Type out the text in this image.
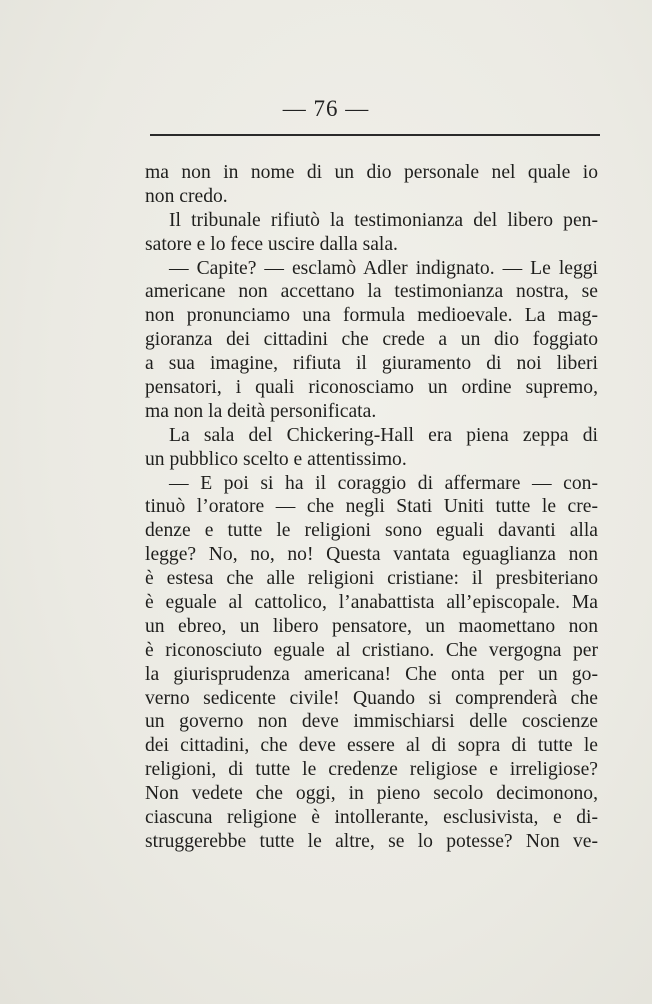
— 76 —
ma non in nome di un dio personale nel quale io
non credo.
Il tribunale rifiutò la testimonianza del libero pen-
satore e lo fece uscire dalla sala.
— Capite? — esclamò Adler indignato. — Le leggi
americane non accettano la testimonianza nostra, se
non pronunciamo una formula medioevale. La mag-
gioranza dei cittadini che crede a un dio foggiato
a sua imagine, rifiuta il giuramento di noi liberi
pensatori, i quali riconosciamo un ordine supremo,
ma non la deità personificata.
La sala del Chickering-Hall era piena zeppa di
un pubblico scelto e attentissimo.
— E poi si ha il coraggio di affermare — con-
tinuò l’oratore — che negli Stati Uniti tutte le cre-
denze e tutte le religioni sono eguali davanti alla
legge? No, no, no! Questa vantata eguaglianza non
è estesa che alle religioni cristiane: il presbiteriano
è eguale al cattolico, l’anabattista all’episcopale. Ma
un ebreo, un libero pensatore, un maomettano non
è riconosciuto eguale al cristiano. Che vergogna per
la giurisprudenza americana! Che onta per un go-
verno sedicente civile! Quando si comprenderà che
un governo non deve immischiarsi delle coscienze
dei cittadini, che deve essere al di sopra di tutte le
religioni, di tutte le credenze religiose e irreligiose?
Non vedete che oggi, in pieno secolo decimonono,
ciascuna religione è intollerante, esclusivista, e di-
struggerebbe tutte le altre, se lo potesse? Non ve-
